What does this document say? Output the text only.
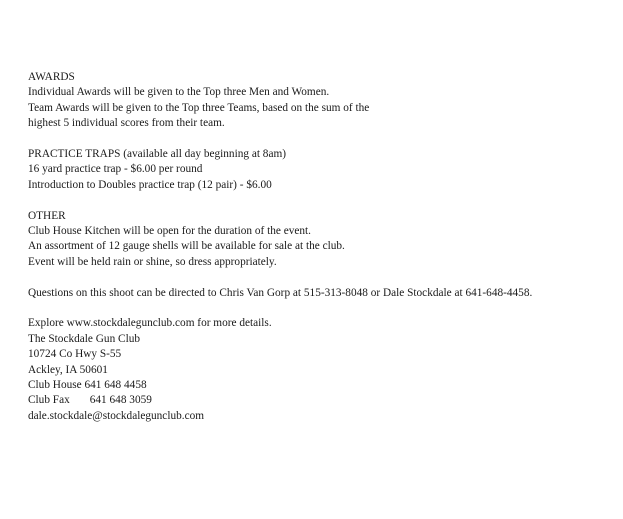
AWARDS
Individual Awards will be given to the Top three Men and Women.
Team Awards will be given to the Top three Teams, based on the sum of the
highest 5 individual scores from their team.
PRACTICE TRAPS (available all day beginning at 8am)
16 yard practice trap - $6.00 per round
Introduction to Doubles practice trap (12 pair) - $6.00
OTHER
Club House Kitchen will be open for the duration of the event.
An assortment of 12 gauge shells will be available for sale at the club.
Event will be held rain or shine, so dress appropriately.
Questions on this shoot can be directed to Chris Van Gorp at 515-313-8048 or Dale Stockdale at 641-648-4458.
Explore www.stockdalegunclub.com for more details.
The Stockdale Gun Club
10724 Co Hwy S-55
Ackley, IA 50601
Club House 641 648 4458
Club Fax 641 648 3059
dale.stockdale@stockdalegunclub.com
